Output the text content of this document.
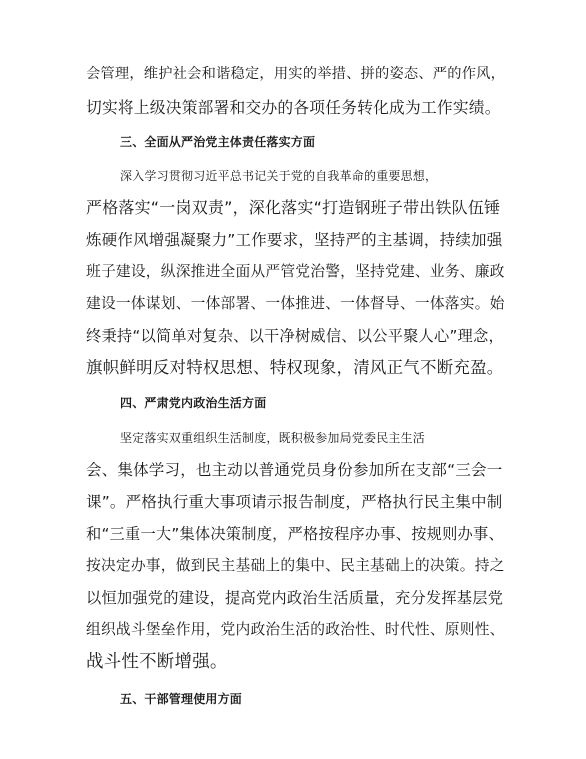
会管理，维护社会和谐稳定，用实的举措、拼的姿态、严的作风，
切实将上级决策部署和交办的各项任务转化成为工作实绩。
三、全面从严治党主体责任落实方面
深入学习贯彻习近平总书记关于党的自我革命的重要思想，
严格落实“一岗双责”，深化落实“打造钢班子带出铁队伍锤
炼硬作风增强凝聚力”工作要求，坚持严的主基调，持续加强
班子建设，纵深推进全面从严管党治警，坚持党建、业务、廉政
建设一体谋划、一体部署、一体推进、一体督导、一体落实。始
终秉持“以简单对复杂、以干净树威信、以公平聚人心”理念，
旗帜鲜明反对特权思想、特权现象，清风正气不断充盈。
四、严肃党内政治生活方面
坚定落实双重组织生活制度，既积极参加局党委民主生活
会、集体学习，也主动以普通党员身份参加所在支部“三会一
课”。严格执行重大事项请示报告制度，严格执行民主集中制
和“三重一大”集体决策制度，严格按程序办事、按规则办事、
按决定办事，做到民主基础上的集中、民主基础上的决策。持之
以恒加强党的建设，提高党内政治生活质量，充分发挥基层党
组织战斗堡垒作用，党内政治生活的政治性、时代性、原则性、
战斗性不断增强。
五、干部管理使用方面
